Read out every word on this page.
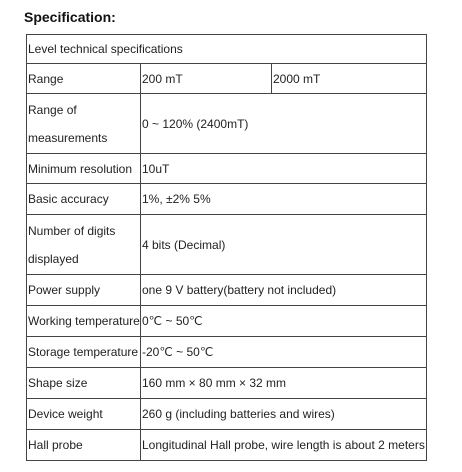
Specification:
Level technical specifications		
Range	200 mT	2000 mT
Range of measurements	0 ~ 120% (2400mT)	
Minimum resolution	10uT	
Basic accuracy	1%, ±2% 5%	
Number of digits displayed	4 bits (Decimal)	
Power supply	one 9 V battery(battery not included)	
Working temperature	0℃ ~ 50℃	
Storage temperature	-20℃ ~ 50℃	
Shape size	160 mm × 80 mm × 32 mm	
Device weight	260 g (including batteries and wires)	
Hall probe	Longitudinal Hall probe, wire length is about 2 meters	
